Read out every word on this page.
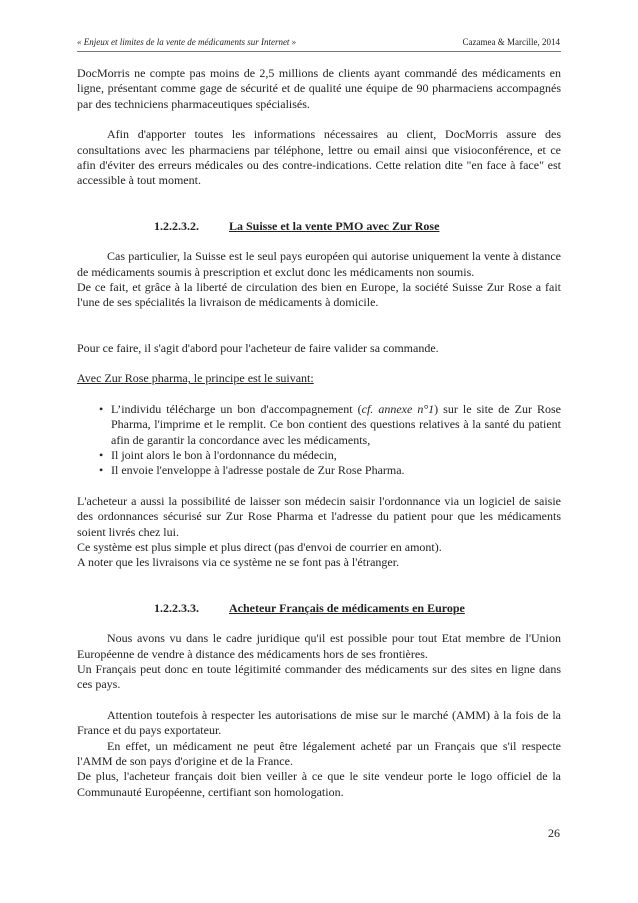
« Enjeux et limites de la vente de médicaments sur Internet »	Cazamea & Marcille, 2014

DocMorris ne compte pas moins de 2,5 millions de clients ayant commandé des médicaments en ligne, présentant comme gage de sécurité et de qualité une équipe de 90 pharmaciens accompagnés par des techniciens pharmaceutiques spécialisés.

Afin d'apporter toutes les informations nécessaires au client, DocMorris assure des consultations avec les pharmaciens par téléphone, lettre ou email ainsi que visioconférence, et ce afin d'éviter des erreurs médicales ou des contre-indications. Cette relation dite "en face à face" est accessible à tout moment.

1.2.2.3.2.	La Suisse et la vente PMO avec Zur Rose

Cas particulier, la Suisse est le seul pays européen qui autorise uniquement la vente à distance de médicaments soumis à prescription et exclut donc les médicaments non soumis.

De ce fait, et grâce à la liberté de circulation des bien en Europe, la société Suisse Zur Rose a fait l'une de ses spécialités la livraison de médicaments à domicile.

Pour ce faire, il s'agit d'abord pour l'acheteur de faire valider sa commande.

Avec Zur Rose pharma, le principe est le suivant:

• L’individu télécharge un bon d'accompagnement (cf. annexe n°1) sur le site de Zur Rose Pharma, l'imprime et le remplit. Ce bon contient des questions relatives à la santé du patient afin de garantir la concordance avec les médicaments,
• Il joint alors le bon à l'ordonnance du médecin,
• Il envoie l'enveloppe à l'adresse postale de Zur Rose Pharma.

L'acheteur a aussi la possibilité de laisser son médecin saisir l'ordonnance via un logiciel de saisie des ordonnances sécurisé sur Zur Rose Pharma et l'adresse du patient pour que les médicaments soient livrés chez lui.

Ce système est plus simple et plus direct (pas d'envoi de courrier en amont).

A noter que les livraisons via ce système ne se font pas à l'étranger.

1.2.2.3.3.	Acheteur Français de médicaments en Europe

Nous avons vu dans le cadre juridique qu'il est possible pour tout Etat membre de l'Union Européenne de vendre à distance des médicaments hors de ses frontières.

Un Français peut donc en toute légitimité commander des médicaments sur des sites en ligne dans ces pays.

Attention toutefois à respecter les autorisations de mise sur le marché (AMM) à la fois de la France et du pays exportateur.

En effet, un médicament ne peut être légalement acheté par un Français que s'il respecte l'AMM de son pays d'origine et de la France.

De plus, l'acheteur français doit bien veiller à ce que le site vendeur porte le logo officiel de la Communauté Européenne, certifiant son homologation.

26
